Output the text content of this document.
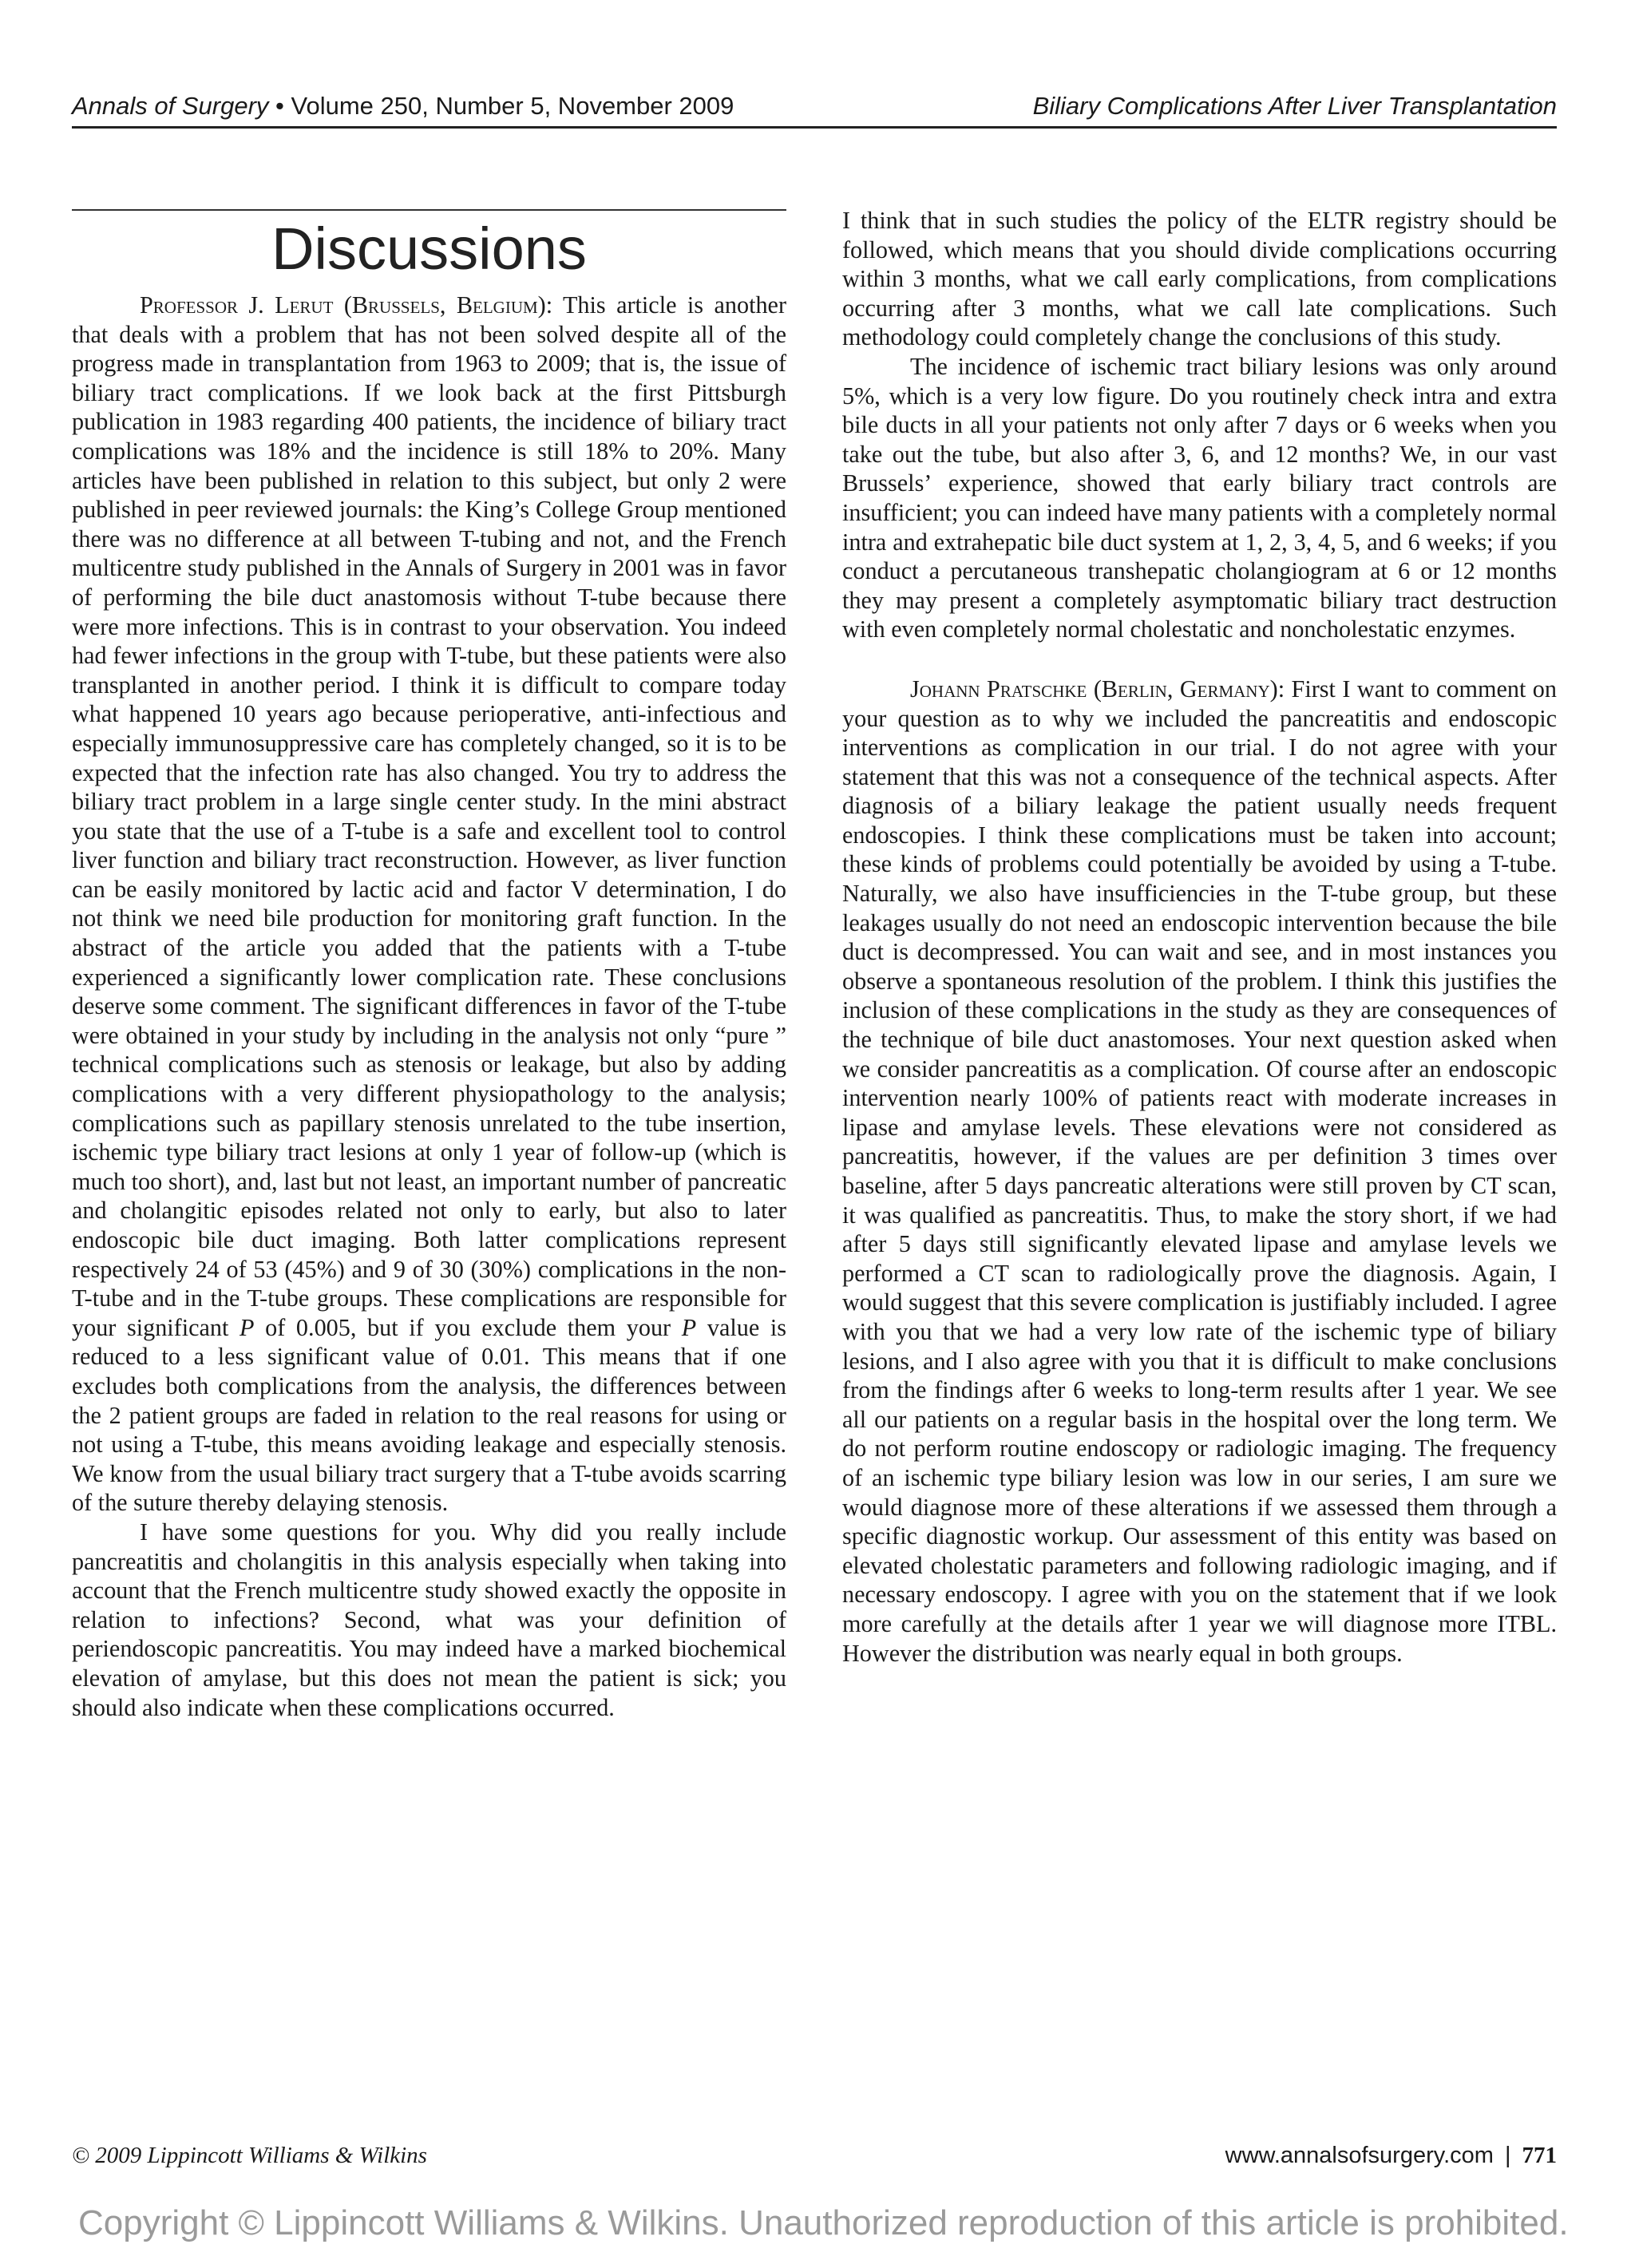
Annals of Surgery • Volume 250, Number 5, November 2009	Biliary Complications After Liver Transplantation
Discussions

Professor J. Lerut (Brussels, Belgium): This article is another that deals with a problem that has not been solved despite all of the progress made in transplantation from 1963 to 2009; that is, the issue of biliary tract complications. If we look back at the first Pittsburgh publication in 1983 regarding 400 patients, the incidence of biliary tract complications was 18% and the incidence is still 18% to 20%. Many articles have been published in relation to this subject, but only 2 were published in peer reviewed journals: the King’s College Group mentioned there was no difference at all between T-tubing and not, and the French multicentre study published in the Annals of Surgery in 2001 was in favor of performing the bile duct anastomosis without T-tube because there were more infections. This is in contrast to your observation. You indeed had fewer infections in the group with T-tube, but these patients were also transplanted in another period. I think it is difficult to compare today what happened 10 years ago because perioperative, anti-infectious and especially immunosuppressive care has completely changed, so it is to be expected that the infection rate has also changed. You try to address the biliary tract problem in a large single center study. In the mini abstract you state that the use of a T-tube is a safe and excellent tool to control liver function and biliary tract reconstruction. However, as liver function can be easily monitored by lactic acid and factor V determination, I do not think we need bile production for monitoring graft function. In the abstract of the article you added that the patients with a T-tube experienced a significantly lower complication rate. These conclusions deserve some comment. The significant differences in favor of the T-tube were obtained in your study by including in the analysis not only “pure ” technical complications such as stenosis or leakage, but also by adding complications with a very different physiopathology to the analysis; complications such as papillary stenosis unrelated to the tube insertion, ischemic type biliary tract lesions at only 1 year of follow-up (which is much too short), and, last but not least, an important number of pancreatic and cholangitic episodes related not only to early, but also to later endoscopic bile duct imaging. Both latter complications represent respectively 24 of 53 (45%) and 9 of 30 (30%) complications in the non-T-tube and in the T-tube groups. These complications are responsible for your significant P of 0.005, but if you exclude them your P value is reduced to a less significant value of 0.01. This means that if one excludes both complications from the analysis, the differences between the 2 patient groups are faded in relation to the real reasons for using or not using a T-tube, this means avoiding leakage and especially stenosis. We know from the usual biliary tract surgery that a T-tube avoids scarring of the suture thereby delaying stenosis.

I have some questions for you. Why did you really include pancreatitis and cholangitis in this analysis especially when taking into account that the French multicentre study showed exactly the opposite in relation to infections? Second, what was your definition of periendoscopic pancreatitis. You may indeed have a marked biochemical elevation of amylase, but this does not mean the patient is sick; you should also indicate when these complications occurred.

I think that in such studies the policy of the ELTR registry should be followed, which means that you should divide complications occurring within 3 months, what we call early complications, from complications occurring after 3 months, what we call late complications. Such methodology could completely change the conclusions of this study.

The incidence of ischemic tract biliary lesions was only around 5%, which is a very low figure. Do you routinely check intra and extra bile ducts in all your patients not only after 7 days or 6 weeks when you take out the tube, but also after 3, 6, and 12 months? We, in our vast Brussels’ experience, showed that early biliary tract controls are insufficient; you can indeed have many patients with a completely normal intra and extrahepatic bile duct system at 1, 2, 3, 4, 5, and 6 weeks; if you conduct a percutaneous transhepatic cholangiogram at 6 or 12 months they may present a completely asymptomatic biliary tract destruction with even completely normal cholestatic and noncholestatic enzymes.

Johann Pratschke (Berlin, Germany): First I want to comment on your question as to why we included the pancreatitis and endoscopic interventions as complication in our trial. I do not agree with your statement that this was not a consequence of the technical aspects. After diagnosis of a biliary leakage the patient usually needs frequent endoscopies. I think these complications must be taken into account; these kinds of problems could potentially be avoided by using a T-tube. Naturally, we also have insufficiencies in the T-tube group, but these leakages usually do not need an endoscopic intervention because the bile duct is decompressed. You can wait and see, and in most instances you observe a spontaneous resolution of the problem. I think this justifies the inclusion of these complications in the study as they are consequences of the technique of bile duct anastomoses. Your next question asked when we consider pancreatitis as a complication. Of course after an endoscopic intervention nearly 100% of patients react with moderate increases in lipase and amylase levels. These elevations were not considered as pancreatitis, however, if the values are per definition 3 times over baseline, after 5 days pancreatic alterations were still proven by CT scan, it was qualified as pancreatitis. Thus, to make the story short, if we had after 5 days still significantly elevated lipase and amylase levels we performed a CT scan to radiologically prove the diagnosis. Again, I would suggest that this severe complication is justifiably included. I agree with you that we had a very low rate of the ischemic type of biliary lesions, and I also agree with you that it is difficult to make conclusions from the findings after 6 weeks to long-term results after 1 year. We see all our patients on a regular basis in the hospital over the long term. We do not perform routine endoscopy or radiologic imaging. The frequency of an ischemic type biliary lesion was low in our series, I am sure we would diagnose more of these alterations if we assessed them through a specific diagnostic workup. Our assessment of this entity was based on elevated cholestatic parameters and following radiologic imaging, and if necessary endoscopy. I agree with you on the statement that if we look more carefully at the details after 1 year we will diagnose more ITBL. However the distribution was nearly equal in both groups.

© 2009 Lippincott Williams & Wilkins	www.annalsofsurgery.com | 771
Copyright © Lippincott Williams & Wilkins. Unauthorized reproduction of this article is prohibited.
